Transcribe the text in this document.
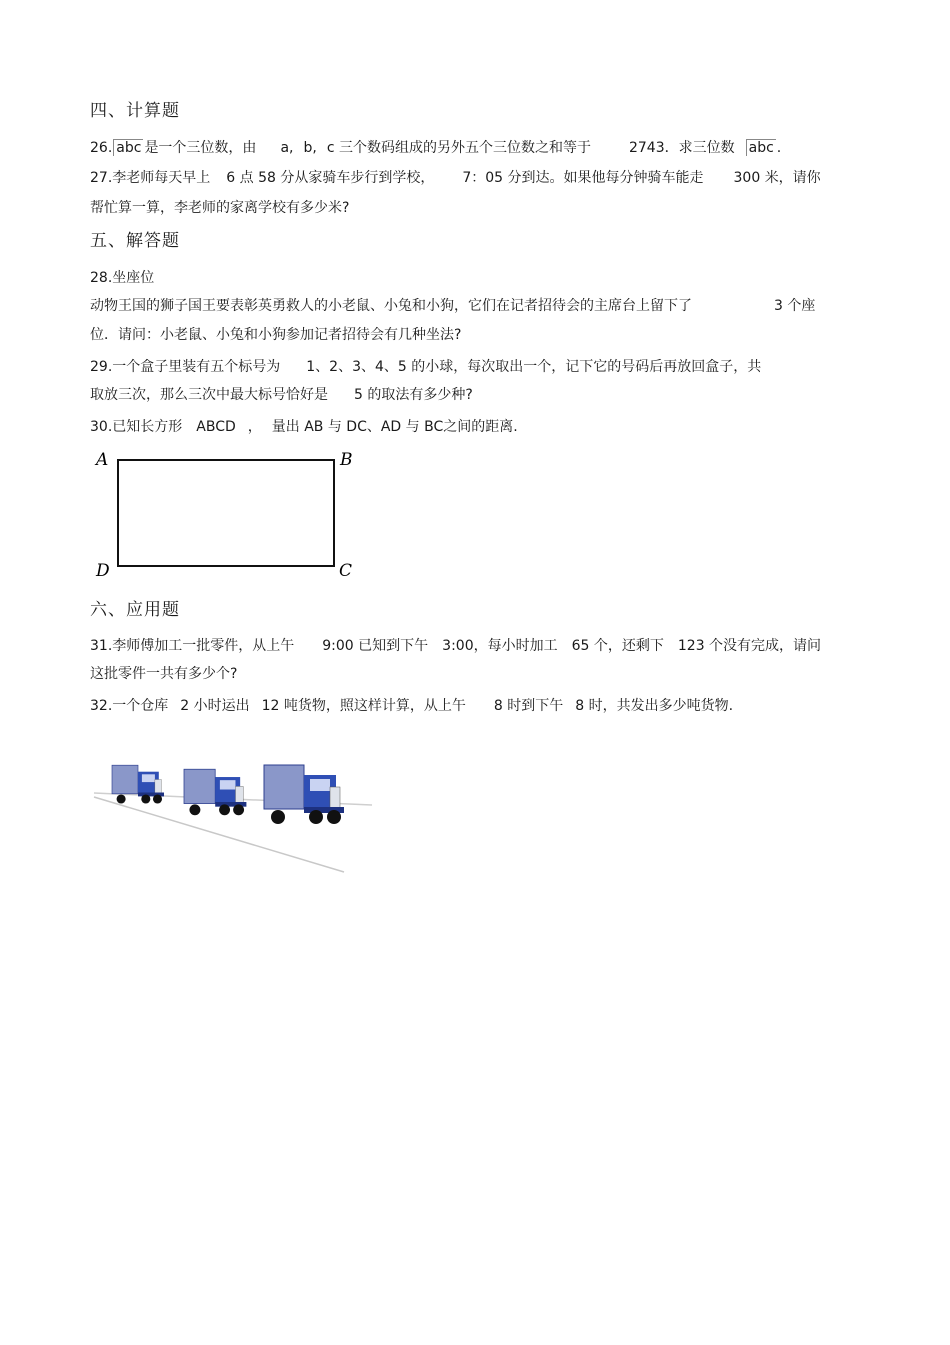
四、计算题
26. abc 是一个三位数，由 a, b, c 三个数码组成的另外五个三位数之和等于	2743．求三位数 abc .
27.李老师每天早上 6 点 58 分从家骑车步行到学校， 7：05 分到达。如果他每分钟骑车能走 300 米，请你
帮忙算一算，李老师的家离学校有多少米?
五、解答题
28.坐座位
动物王国的狮子国王要表彰英勇救人的小老鼠、小兔和小狗，它们在记者招待会的主席台上留下了	3 个座
位．请问：小老鼠、小兔和小狗参加记者招待会有几种坐法?
29.一个盒子里装有五个标号为 1、2、3、4、5 的小球，每次取出一个，记下它的号码后再放回盒子，共
取放三次，那么三次中最大标号恰好是 5 的取法有多少种?
30.已知长方形 ABCD ， 量出 AB 与 DC、AD 与 BC之间的距离.
A	B
C
D
六、应用题
31.李师傅加工一批零件，从上午 9:00 已知到下午 3:00，每小时加工 65 个，还剩下 123 个没有完成，请问
这批零件一共有多少个?
32.一个仓库 2 小时运出 12 吨货物，照这样计算，从上午 8 时到下午 8 时，共发出多少吨货物.
